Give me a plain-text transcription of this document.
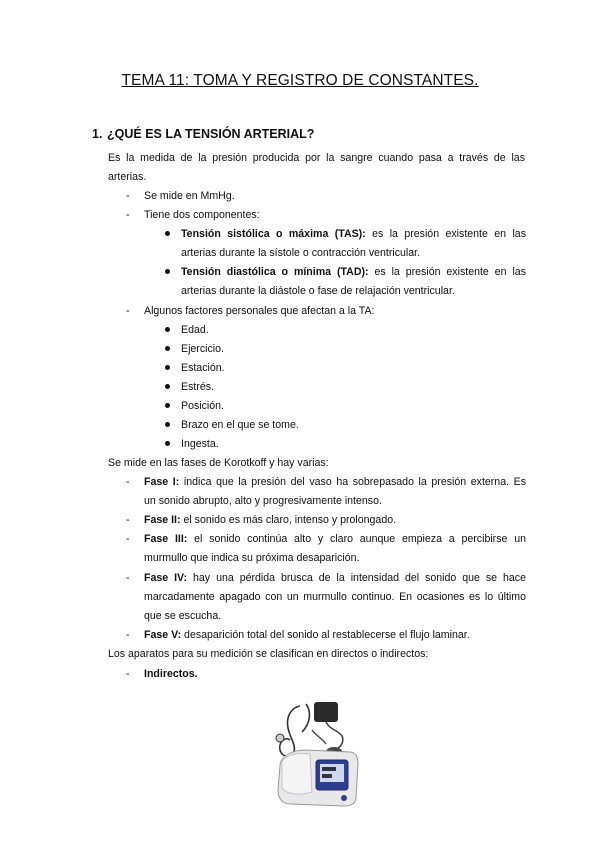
TEMA 11: TOMA Y REGISTRO DE CONSTANTES.
1. ¿QUÉ ES LA TENSIÓN ARTERIAL?
Es la medida de la presión producida por la sangre cuando pasa a través de las
arterias.
- Se mide en MmHg.
- Tiene dos componentes:
Tensión sistólica o máxima (TAS): es la presión existente en las
arterias durante la sístole o contracción ventricular.
Tensión diastólica o mínima (TAD): es la presión existente en las
arterias durante la diástole o fase de relajación ventricular.
- Algunos factores personales que afectan a la TA:
Edad.
Ejercicio.
Estación.
Estrés.
Posición.
Brazo en el que se tome.
Ingesta.
Se mide en las fases de Korotkoff y hay varias:
- Fase I: indica que la presión del vaso ha sobrepasado la presión externa. Es
un sonido abrupto, alto y progresivamente intenso.
- Fase II: el sonido es más claro, intenso y prolongado.
- Fase III: el sonido continúa alto y claro aunque empieza a percibirse un
murmullo que indica su próxima desaparición.
- Fase IV: hay una pérdida brusca de la intensidad del sonido que se hace
marcadamente apagado con un murmullo continuo. En ocasiones es lo último
que se escucha.
- Fase V: desaparición total del sonido al restablecerse el flujo laminar.
Los aparatos para su medición se clasifican en directos o indirectos:
- Indirectos.
